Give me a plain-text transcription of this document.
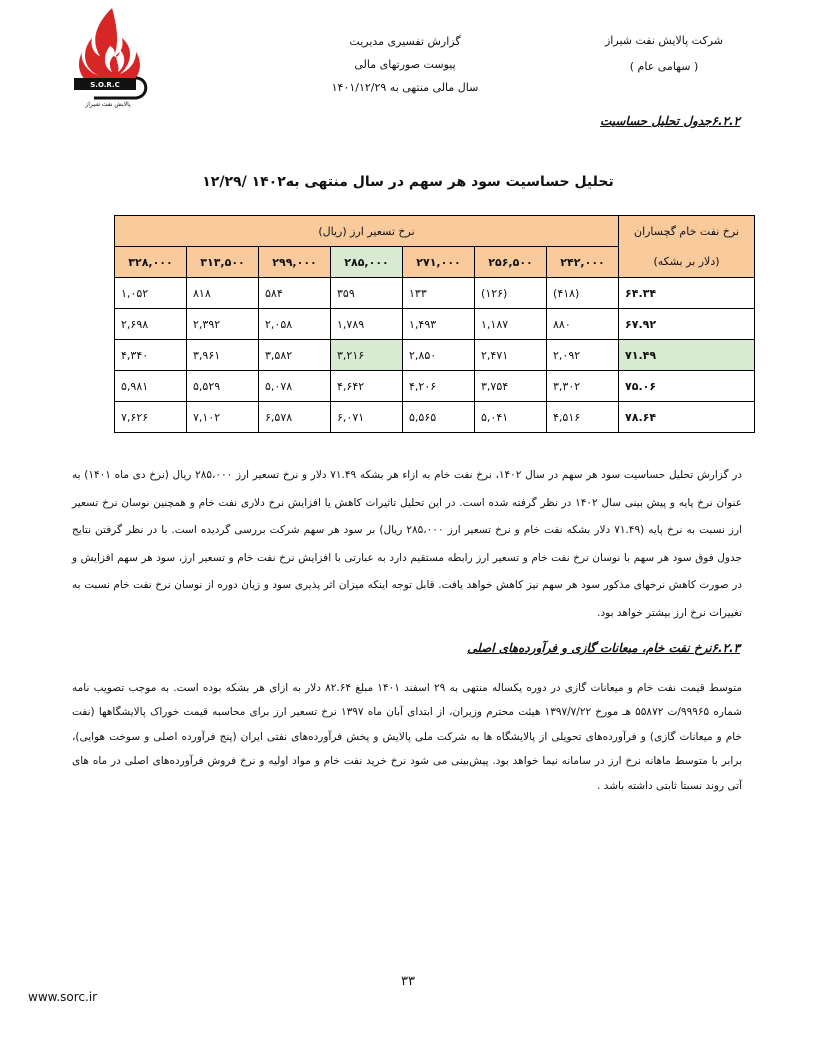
شرکت پالایش نفت شیراز
( سهامی عام )
گزارش تفسیری مدیریت
پیوست صورتهای مالی
سال مالی منتهی به ۱۴۰۱/۱۲/۲۹
S.O.R.C
پالایش نفت شیراز
۶.۲.۲جدول تحلیل حساسیت
تحلیل حساسیت سود هر سهم در سال منتهی به۱۴۰۲ /۱۲/۲۹
نرخ نفت خام گچساران	نرخ تسعیر ارز (ریال)						
(دلار بر بشکه)	۲۴۲,۰۰۰	۲۵۶,۵۰۰	۲۷۱,۰۰۰	۲۸۵,۰۰۰	۲۹۹,۰۰۰	۳۱۳,۵۰۰	۳۲۸,۰۰۰
۶۴.۳۴	(۴۱۸)	(۱۲۶)	۱۳۳	۳۵۹	۵۸۴	۸۱۸	۱,۰۵۲
۶۷.۹۲	۸۸۰	۱,۱۸۷	۱,۴۹۳	۱,۷۸۹	۲,۰۵۸	۲,۳۹۲	۲,۶۹۸
۷۱.۴۹	۲,۰۹۲	۲,۴۷۱	۲,۸۵۰	۳,۲۱۶	۳,۵۸۲	۳,۹۶۱	۴,۳۴۰
۷۵.۰۶	۳,۳۰۲	۳,۷۵۴	۴,۲۰۶	۴,۶۴۲	۵,۰۷۸	۵,۵۲۹	۵,۹۸۱
۷۸.۶۴	۴,۵۱۶	۵,۰۴۱	۵,۵۶۵	۶,۰۷۱	۶,۵۷۸	۷,۱۰۲	۷,۶۲۶
در گزارش تحلیل حساسیت سود هر سهم در سال ۱۴۰۲، نرخ نفت خام به ازاء هر بشکه ۷۱.۴۹ دلار و نرخ تسعیر ارز ۲۸۵،۰۰۰ ریال (نرخ دی ماه ۱۴۰۱) به عنوان نرخ پایه و پیش بینی سال ۱۴۰۲ در نظر گرفته شده است. در این تحلیل تاثیرات کاهش یا افزایش نرخ دلاری نفت خام و همچنین نوسان نرخ تسعیر ارز نسبت به نرخ پایه (۷۱.۴۹ دلار بشکه نفت خام و نرخ تسعیر ارز ۲۸۵،۰۰۰ ریال) بر سود هر سهم شرکت بررسی گردیده است. با در نظر گرفتن نتایج جدول فوق سود هر سهم با نوسان نرخ نفت خام و تسعیر ارز رابطه مستقیم دارد به عبارتی با افزایش نرخ نفت خام و تسعیر ارز، سود هر سهم افزایش و در صورت کاهش نرخهای مذکور سود هر سهم نیز کاهش خواهد یافت. قابل توجه اینکه میزان اثر پذیری سود و زیان دوره از نوسان نرخ نفت خام نسبت به تغییرات نرخ ارز بیشتر خواهد بود.
۶.۲.۳نرخ نفت خام، میعانات گازی و فرآورده‌های اصلی
متوسط قیمت نفت خام و میعانات گازی در دوره یکساله منتهی به ۲۹ اسفند ۱۴۰۱ مبلغ ۸۲.۶۴ دلار به ازای هر بشکه بوده است. به موجب تصویب نامه شماره ۹۹۹۶۵/ت ۵۵۸۷۲ هـ مورخ ۱۳۹۷/۷/۲۲ هیئت محترم وزیران، از ابتدای آبان ماه ۱۳۹۷ نرخ تسعیر ارز برای محاسبه قیمت خوراک پالایشگاهها (نفت خام و میعانات گازی) و فرآورده‌های تحویلی از پالایشگاه ها به شرکت ملی پالایش و پخش فرآورده‌های نفتی ایران (پنج فرآورده اصلی و سوخت هوایی)، برابر با متوسط ماهانه نرخ ارز در سامانه نیما خواهد بود. پیش‌بینی می شود نرخ خرید نفت خام و مواد اولیه و نرخ فروش فرآورده‌های اصلی در ماه های آتی روند نسبتا ثابتی داشته باشد .
۳۳
www.sorc.ir
